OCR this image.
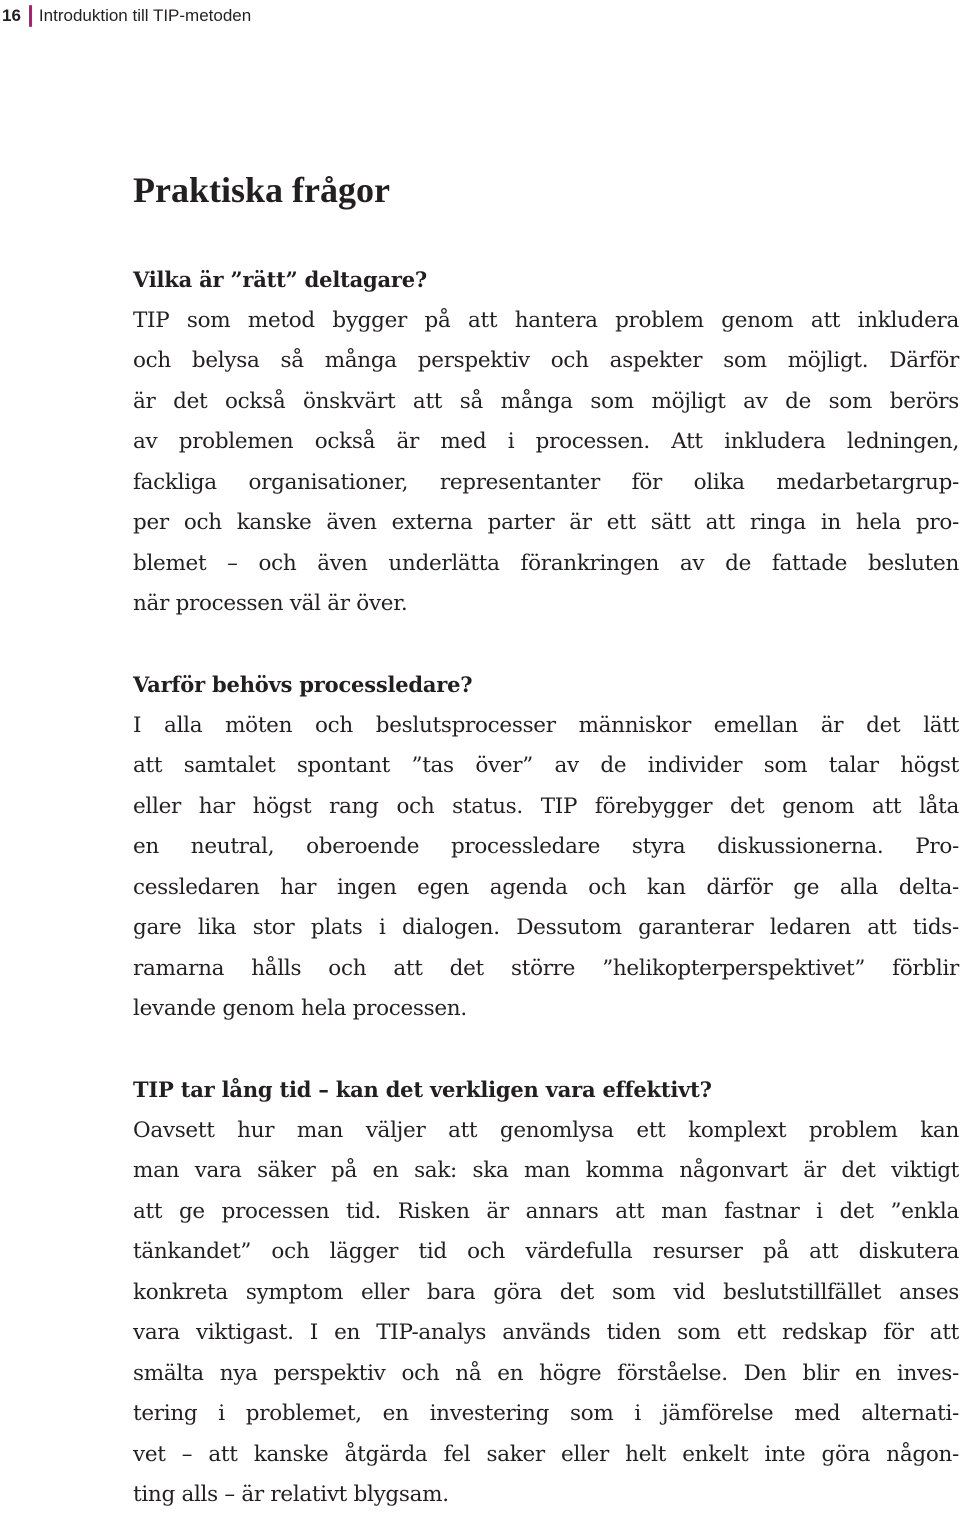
16 Introduktion till TIP-metoden
Praktiska frågor
Vilka är ”rätt” deltagare?
TIP som metod bygger på att hantera problem genom att inkludera
och belysa så många perspektiv och aspekter som möjligt. Därför
är det också önskvärt att så många som möjligt av de som berörs
av problemen också är med i processen. Att inkludera ledningen,
fackliga organisationer, representanter för olika medarbetargrup-
per och kanske även externa parter är ett sätt att ringa in hela pro-
blemet – och även underlätta förankringen av de fattade besluten
när processen väl är över.
Varför behövs processledare?
I alla möten och beslutsprocesser människor emellan är det lätt
att samtalet spontant ”tas över” av de individer som talar högst
eller har högst rang och status. TIP förebygger det genom att låta
en neutral, oberoende processledare styra diskussionerna. Pro-
cessledaren har ingen egen agenda och kan därför ge alla delta-
gare lika stor plats i dialogen. Dessutom garanterar ledaren att tids-
ramarna hålls och att det större ”helikopterperspektivet” förblir
levande genom hela processen.
TIP tar lång tid – kan det verkligen vara effektivt?
Oavsett hur man väljer att genomlysa ett komplext problem kan
man vara säker på en sak: ska man komma någonvart är det viktigt
att ge processen tid. Risken är annars att man fastnar i det ”enkla
tänkandet” och lägger tid och värdefulla resurser på att diskutera
konkreta symptom eller bara göra det som vid beslutstillfället anses
vara viktigast. I en TIP-analys används tiden som ett redskap för att
smälta nya perspektiv och nå en högre förståelse. Den blir en inves-
tering i problemet, en investering som i jämförelse med alternati-
vet – att kanske åtgärda fel saker eller helt enkelt inte göra någon-
ting alls – är relativt blygsam.
